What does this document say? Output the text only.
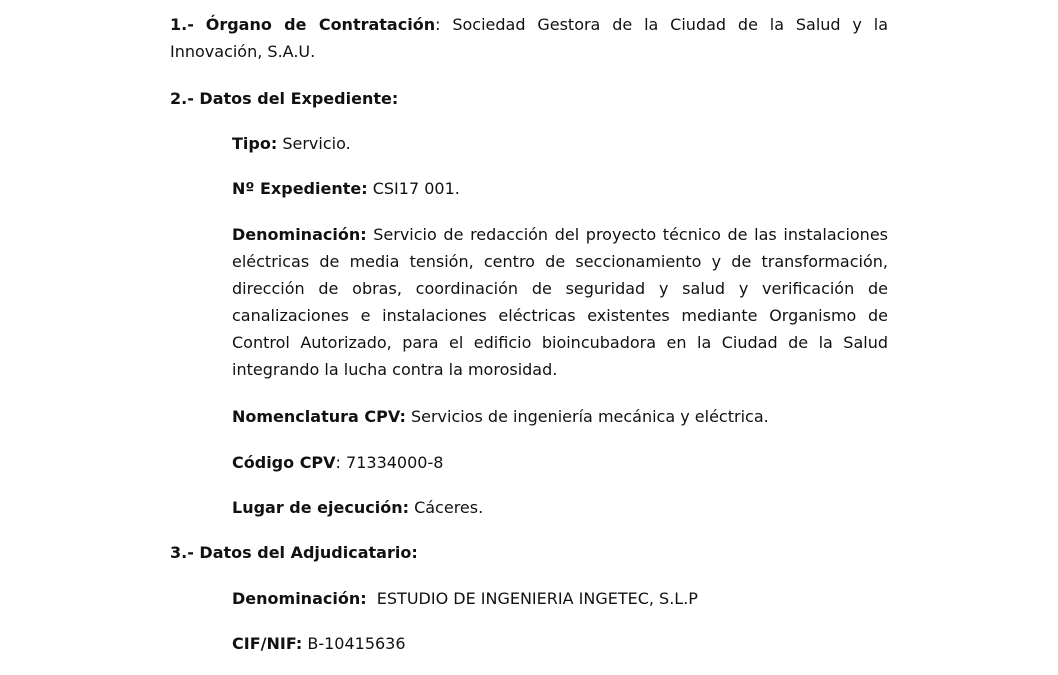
1.- Órgano de Contratación: Sociedad Gestora de la Ciudad de la Salud y la Innovación, S.A.U.
2.- Datos del Expediente:
Tipo: Servicio.
Nº Expediente: CSI17 001.
Denominación: Servicio de redacción del proyecto técnico de las instalaciones eléctricas de media tensión, centro de seccionamiento y de transformación, dirección de obras, coordinación de seguridad y salud y verificación de canalizaciones e instalaciones eléctricas existentes mediante Organismo de Control Autorizado, para el edificio bioincubadora en la Ciudad de la Salud integrando la lucha contra la morosidad.
Nomenclatura CPV: Servicios de ingeniería mecánica y eléctrica.
Código CPV: 71334000-8
Lugar de ejecución: Cáceres.
3.- Datos del Adjudicatario:
Denominación:  ESTUDIO DE INGENIERIA INGETEC, S.L.P
CIF/NIF: B-10415636
